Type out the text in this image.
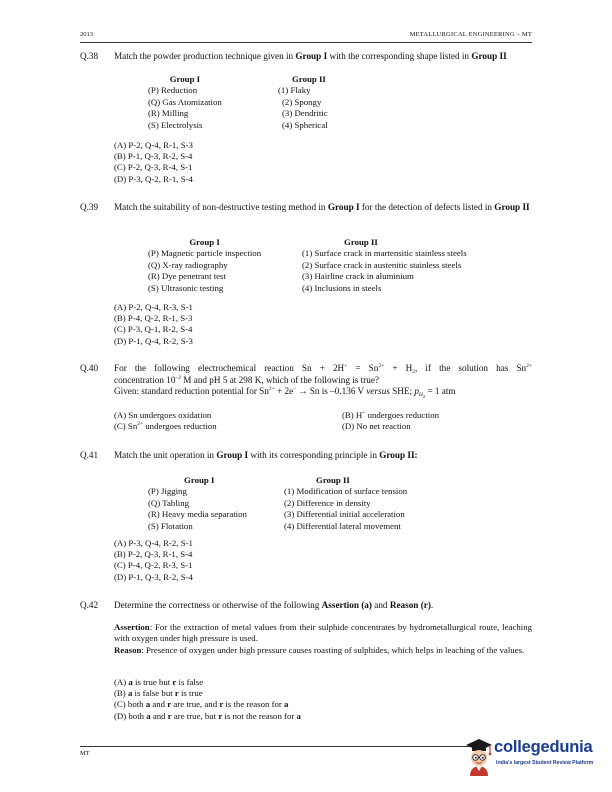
2013	METALLURGICAL ENGINEERING – MT
Q.38 Match the powder production technique given in Group I with the corresponding shape listed in Group II
Group I
(P) Reduction
(Q) Gas Atomization
(R) Milling
(S) Electrolysis
Group II
(1) Flaky
(2) Spongy
(3) Dendritic
(4) Spherical
(A) P-2, Q-4, R-1, S-3
(B) P-1, Q-3, R-2, S-4
(C) P-2, Q-3, R-4, S-1
(D) P-3, Q-2, R-1, S-4
Q.39 Match the suitability of non-destructive testing method in Group I for the detection of defects listed in Group II
Group I
(P) Magnetic particle inspection
(Q) X-ray radiography
(R) Dye penetrant test
(S) Ultrasonic testing
Group II
(1) Surface crack in martensitic stainless steels
(2) Surface crack in austenitic stainless steels
(3) Hairline crack in aluminium
(4) Inclusions in steels
(A) P-2, Q-4, R-3, S-1
(B) P-4, Q-2, R-1, S-3
(C) P-3, Q-1, R-2, S-4
(D) P-1, Q-4, R-2, S-3
Q.40 For the following electrochemical reaction $Sn + 2H^+ = Sn^{2+} + H_2$, if the solution has $Sn^{2+}$
concentration $10^{-2}$ M and pH 5 at 298 K, which of the following is true?
Given: standard reduction potential for $Sn^{2+} + 2e^- \to Sn$ is –0.136 V versus SHE; $p_{H_2} = 1$ atm
(A) Sn undergoes oxidation
(C) $Sn^{2+}$ undergoes reduction
(B) H+ undergoes reduction
(D) No net reaction
Q.41 Match the unit operation in Group I with its corresponding principle in Group II:
Group I
(P) Jigging
(Q) Tabling
(R) Heavy media separation
(S) Flotation
Group II
(1) Modification of surface tension
(2) Difference in density
(3) Differential initial acceleration
(4) Differential lateral movement
(A) P-3, Q-4, R-2, S-1
(B) P-2, Q-3, R-1, S-4
(C) P-4, Q-2, R-3, S-1
(D) P-1, Q-3, R-2, S-4
Q.42 Determine the correctness or otherwise of the following Assertion (a) and Reason (r).
Assertion: For the extraction of metal values from their sulphide concentrates by hydrometallurgical route, leaching with oxygen under high pressure is used.
Reason: Presence of oxygen under high pressure causes roasting of sulphides, which helps in leaching of the values.
(A) a is true but r is false
(B) a is false but r is true
(C) both a and r are true, and r is the reason for a
(D) both a and r are true, but r is not the reason for a
MT	collegedunia
India's largest Student Review Platform
